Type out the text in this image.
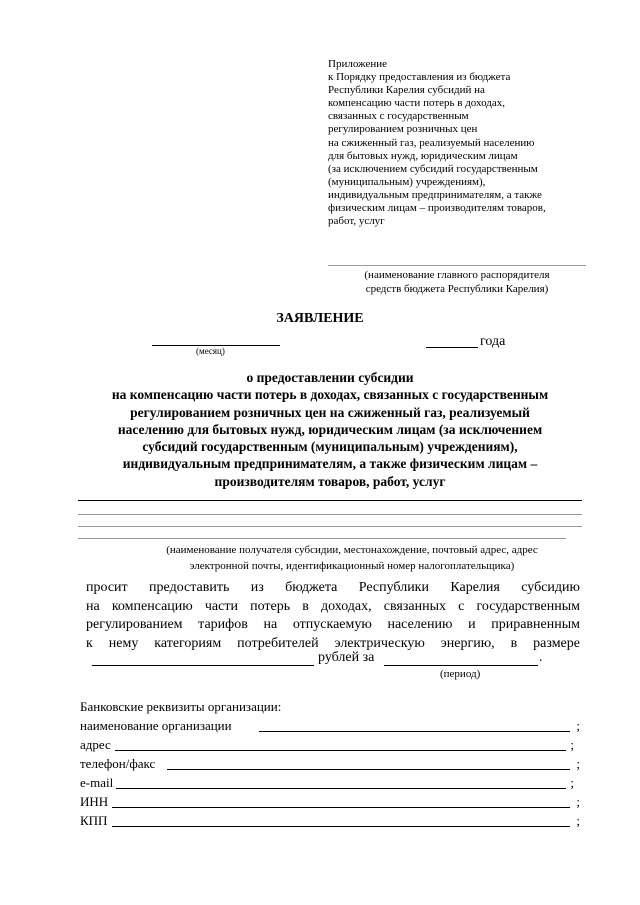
Приложение
к Порядку предоставления из бюджета
Республики Карелия субсидий на
компенсацию части потерь в доходах,
связанных с государственным
регулированием розничных цен
на сжиженный газ, реализуемый населению
для бытовых нужд, юридическим лицам
(за исключением субсидий государственным
(муниципальным) учреждениям),
индивидуальным предпринимателям, а также
физическим лицам – производителям товаров,
работ, услуг
(наименование главного распорядителя
средств бюджета Республики Карелия)
ЗАЯВЛЕНИЕ
(месяц)
года
о предоставлении субсидии
на компенсацию части потерь в доходах, связанных с государственным
регулированием розничных цен на сжиженный газ, реализуемый
населению для бытовых нужд, юридическим лицам (за исключением
субсидий государственным (муниципальным) учреждениям),
индивидуальным предпринимателям, а также физическим лицам –
производителям товаров, работ, услуг
(наименование получателя субсидии, местонахождение, почтовый адрес, адрес
электронной почты, идентификационный номер налогоплательщика)
просит предоставить из бюджета Республики Карелия субсидию
на компенсацию части потерь в доходах, связанных с государственным
регулированием тарифов на отпускаемую населению и приравненным
к нему категориям потребителей электрическую энергию, в размере
рублей за	.
(период)
Банковские реквизиты организации:
наименование организации	;
адрес	;
телефон/факс	;
e-mail	;
ИНН	;
КПП	;
